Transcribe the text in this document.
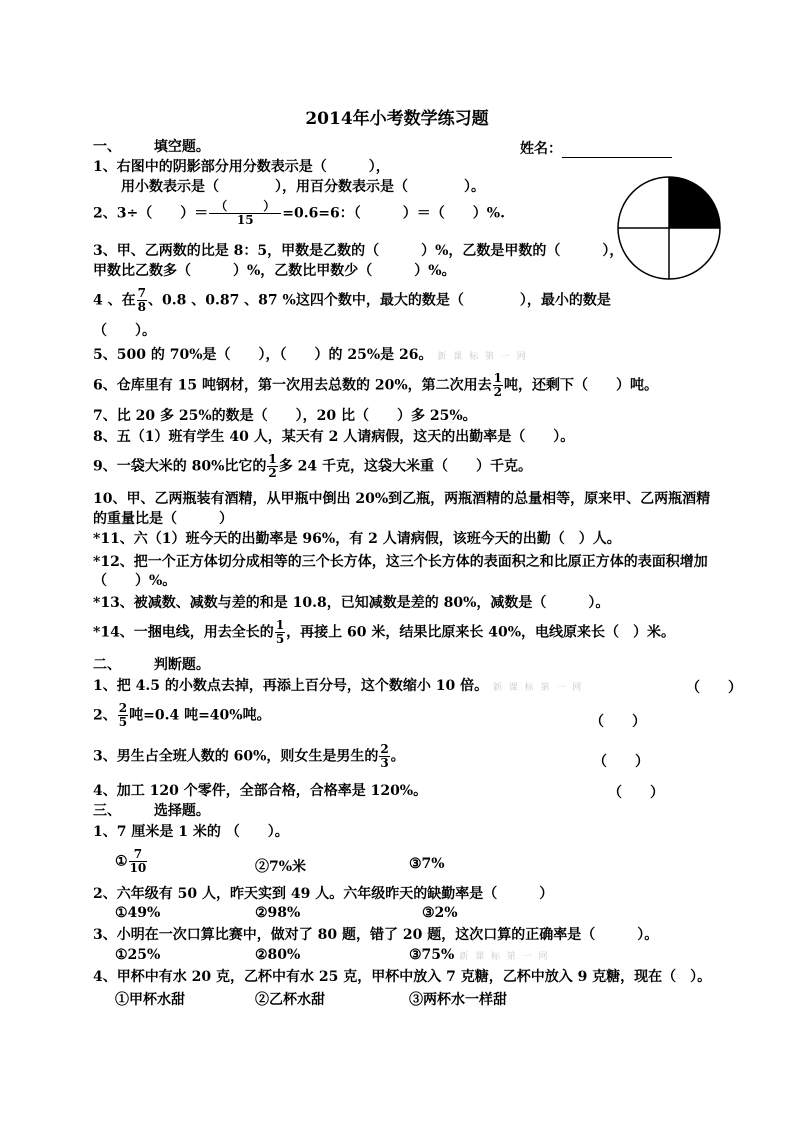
2014年小考数学练习题
一、 填空题。	姓名：
1、右图中的阴影部分用分数表示是（　　　），
用小数表示是（　　　　），用百分数表示是（　　　　）。
2、3÷（　　）＝ （　　　）
15	=0.6=6：（　　　）＝（　　）%.
3、甲、乙两数的比是 8：5，甲数是乙数的（　　　）%，乙数是甲数的（　　　），
甲数比乙数多（　　　）%，乙数比甲数少（　　　）%。
4 、在 $\frac{7}{8}$ 、0.8 、0.87 、87 %这四个数中，最大的数是（　　　　），最小的数是
（　　）。
5、500 的 70%是（　　），（　　）的 25%是 26。 新 课 标 第 一 网
6、仓库里有 15 吨钢材，第一次用去总数的 20%，第二次用去 $\frac{1}{2}$ 吨，还剩下（　　）吨。
7、比 20 多 25%的数是（　　），20 比（　　）多 25%。
8、五（1）班有学生 40 人，某天有 2 人请病假，这天的出勤率是（　　）。
9、一袋大米的 80%比它的 $\frac{1}{2}$ 多 24 千克，这袋大米重（　　）千克。
10、甲、乙两瓶装有酒精，从甲瓶中倒出 20%到乙瓶，两瓶酒精的总量相等，原来甲、乙两瓶酒精
的重量比是（　　　）
*11、六（1）班今天的出勤率是 96%，有 2 人请病假，该班今天的出勤（　）人。
*12、把一个正方体切分成相等的三个长方体，这三个长方体的表面积之和比原正方体的表面积增加
（　　）%。
*13、被减数、减数与差的和是 10.8，已知减数是差的 80%，减数是（　　　）。
*14、一捆电线，用去全长的 $\frac{1}{5}$ ，再接上 60 米，结果比原来长 40%，电线原来长（　）米。
二、 判断题。
1、把 4.5 的小数点去掉，再添上百分号，这个数缩小 10 倍。 新 课 标 第 一 网	（　　）
2、 $\frac{2}{5}$ 吨=0.4 吨=40%吨。	（　　）
3、男生占全班人数的 60%，则女生是男生的 $\frac{2}{3}$ 。	（　　）
4、加工 120 个零件，全部合格，合格率是 120%。	（　　）
三、 选择题。
1、7 厘米是 1 米的 （　　）。
① $\frac{7}{10}$	②7%米	③7%
2、六年级有 50 人，昨天实到 49 人。六年级昨天的缺勤率是（　　　）
①49%	②98%	③2%
3、小明在一次口算比赛中，做对了 80 题，错了 20 题，这次口算的正确率是（　　　）。
①25%	②80%	③75% 新 课 标 第 一 网
4、甲杯中有水 20 克，乙杯中有水 25 克，甲杯中放入 7 克糖，乙杯中放入 9 克糖，现在（　）。
①甲杯水甜	②乙杯水甜	③两杯水一样甜
